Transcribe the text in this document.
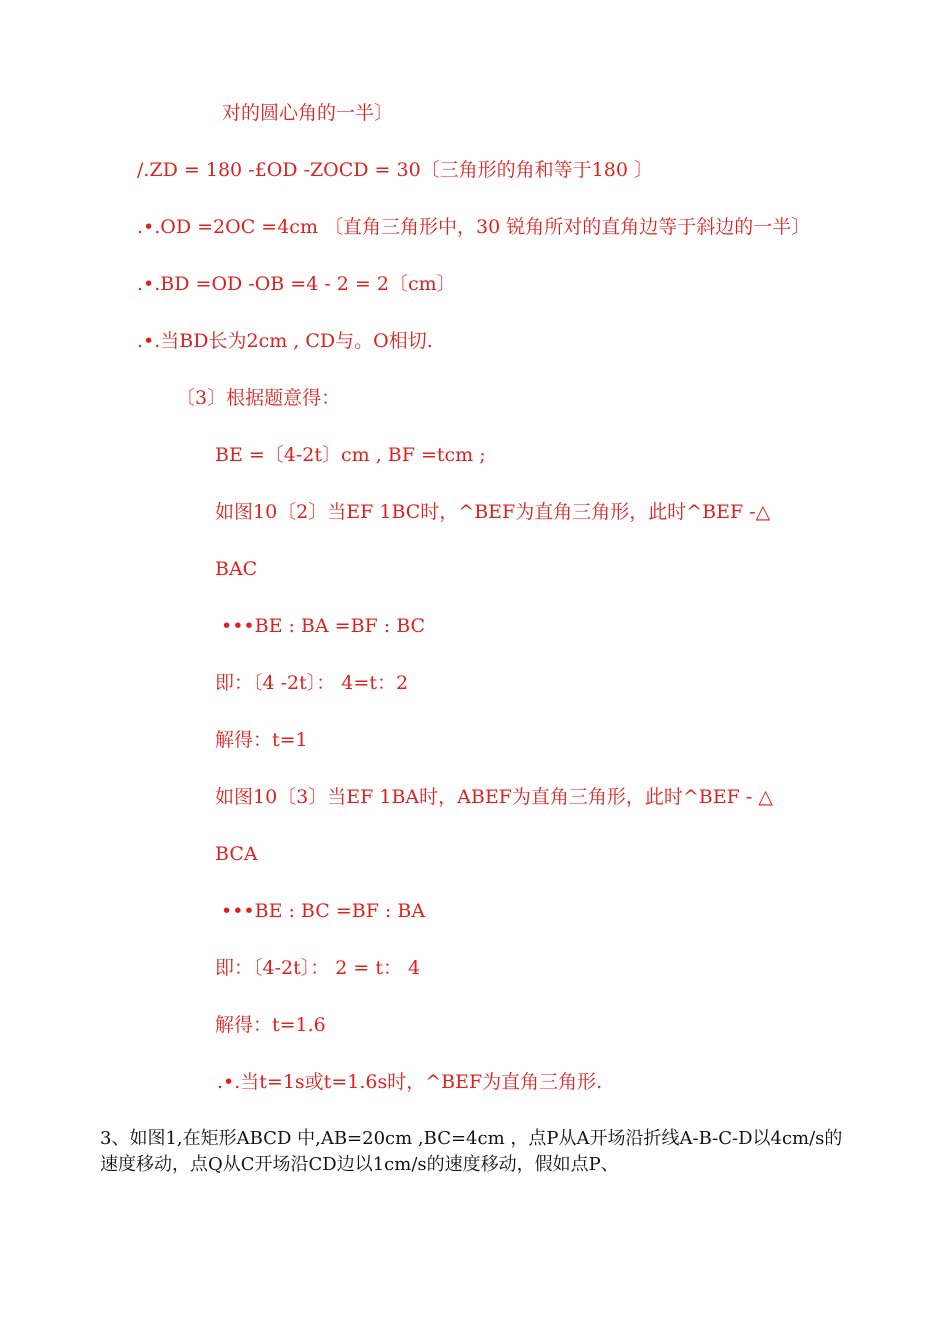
对的圆心角的一半〕
/.ZD = 180 -£OD -ZOCD = 30〔三角形的角和等于180 〕
.•.OD =2OC =4cm 〔直角三角形中，30 锐角所对的直角边等于斜边的一半〕
.•.BD =OD -OB =4 - 2 = 2〔cm〕
.•.当BD长为2cm , CD与。O相切.
〔3〕根据题意得：
BE =〔4-2t〕cm , BF =tcm ;
如图10〔2〕当EF 1BC时，^BEF为直角三角形，此时^BEF -△
BAC
•••BE : BA =BF : BC
即：〔4 -2t〕： 4=t：2
解得：t=1
如图10〔3〕当EF 1BA时，ABEF为直角三角形，此时^BEF - △
BCA
•••BE : BC =BF : BA
即：〔4-2t〕： 2 = t： 4
解得：t=1.6
.•.当t=1s或t=1.6s时，^BEF为直角三角形.
3、如图1,在矩形ABCD 中,AB=20cm ,BC=4cm ，点P从A开场沿折线A-B-C-D以4cm/s的
速度移动，点Q从C开场沿CD边以1cm/s的速度移动，假如点P、
